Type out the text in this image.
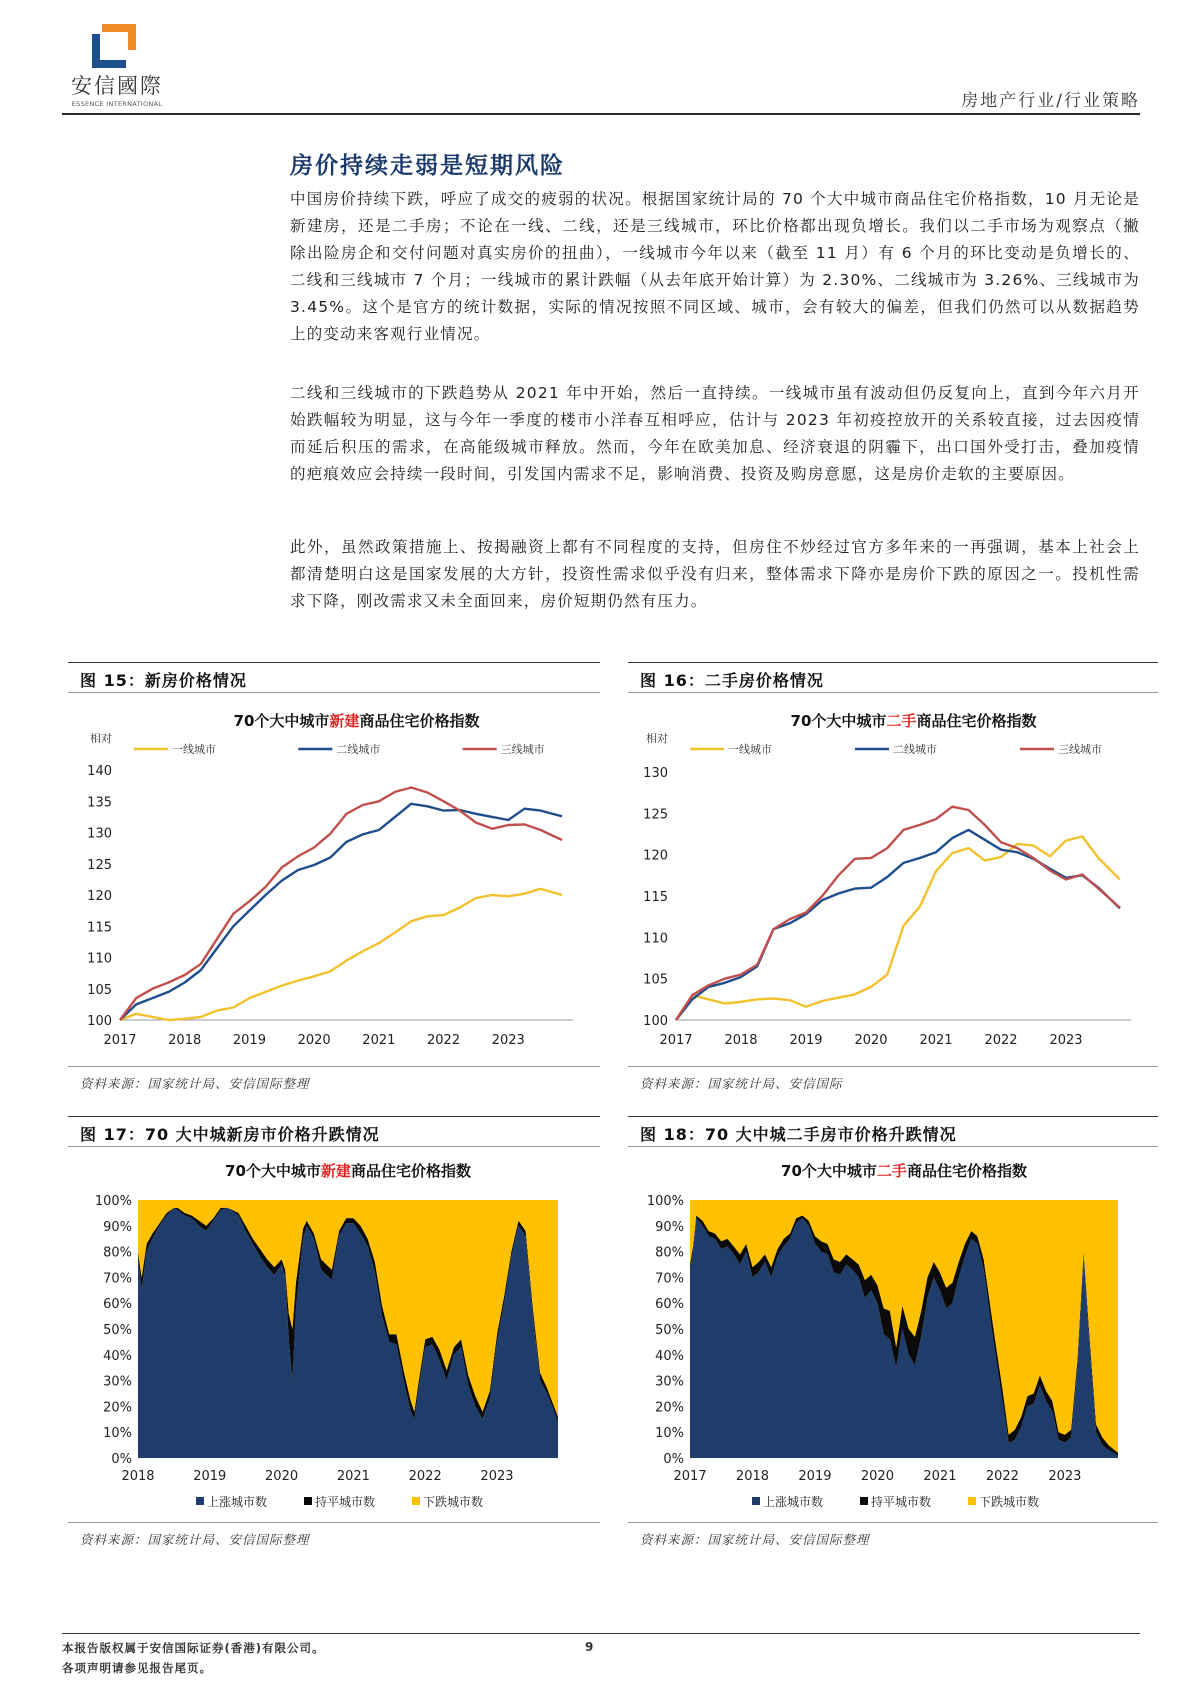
安信國際
ESSENCE INTERNATIONAL	房地产行业/行业策略
房价持续走弱是短期风险

中国房价持续下跌，呼应了成交的疲弱的状况。根据国家统计局的 70 个大中城市商品住宅价格指数，10 月无论是新建房，还是二手房；不论在一线、二线，还是三线城市，环比价格都出现负增长。我们以二手市场为观察点（撇除出险房企和交付问题对真实房价的扭曲），一线城市今年以来（截至 11 月）有 6 个月的环比变动是负增长的、二线和三线城市 7 个月；一线城市的累计跌幅（从去年底开始计算）为 2.30%、二线城市为 3.26%、三线城市为 3.45%。这个是官方的统计数据，实际的情况按照不同区域、城市，会有较大的偏差，但我们仍然可以从数据趋势上的变动来客观行业情况。

二线和三线城市的下跌趋势从 2021 年中开始，然后一直持续。一线城市虽有波动但仍反复向上，直到今年六月开始跌幅较为明显，这与今年一季度的楼市小洋春互相呼应，估计与 2023 年初疫控放开的关系较直接，过去因疫情而延后积压的需求，在高能级城市释放。然而，今年在欧美加息、经济衰退的阴霾下，出口国外受打击，叠加疫情的疤痕效应会持续一段时间，引发国内需求不足，影响消费、投资及购房意愿，这是房价走软的主要原因。

此外，虽然政策措施上、按揭融资上都有不同程度的支持，但房住不炒经过官方多年来的一再强调，基本上社会上都清楚明白这是国家发展的大方针，投资性需求似乎没有归来，整体需求下降亦是房价下跌的原因之一。投机性需求下降，刚改需求又未全面回来，房价短期仍然有压力。

图 15：新房价格情况
70个大中城市新建商品住宅价格指数
相对
一线城市	二线城市	三线城市
100
105
110
115
120
125
130
135
140
2017 2018 2019 2020 2021 2022 2023
资料来源：国家统计局、安信国际整理
图 16：二手房价格情况
70个大中城市二手商品住宅价格指数
相对
一线城市	二线城市	三线城市
100
105
110
115
120
125
130
2017 2018 2019 2020 2021 2022 2023
资料来源：国家统计局、安信国际
图 17：70 大中城新房市价格升跌情况
70个大中城市新建商品住宅价格指数
0%
10%
20%
30%
40%
50%
60%
70%
80%
90%
100%
2018	2019	2020	2021	2022	2023
上涨城市数	持平城市数	下跌城市数
资料来源：国家统计局、安信国际整理
图 18：70 大中城二手房市价格升跌情况
70个大中城市二手商品住宅价格指数
0%
10%
20%
30%
40%
50%
60%
70%
80%
90%
100%
2017 2018 2019 2020 2021 2022 2023
上涨城市数	持平城市数	下跌城市数
资料来源：国家统计局、安信国际整理
本报告版权属于安信国际证券(香港)有限公司。
各项声明请参见报告尾页。
9
